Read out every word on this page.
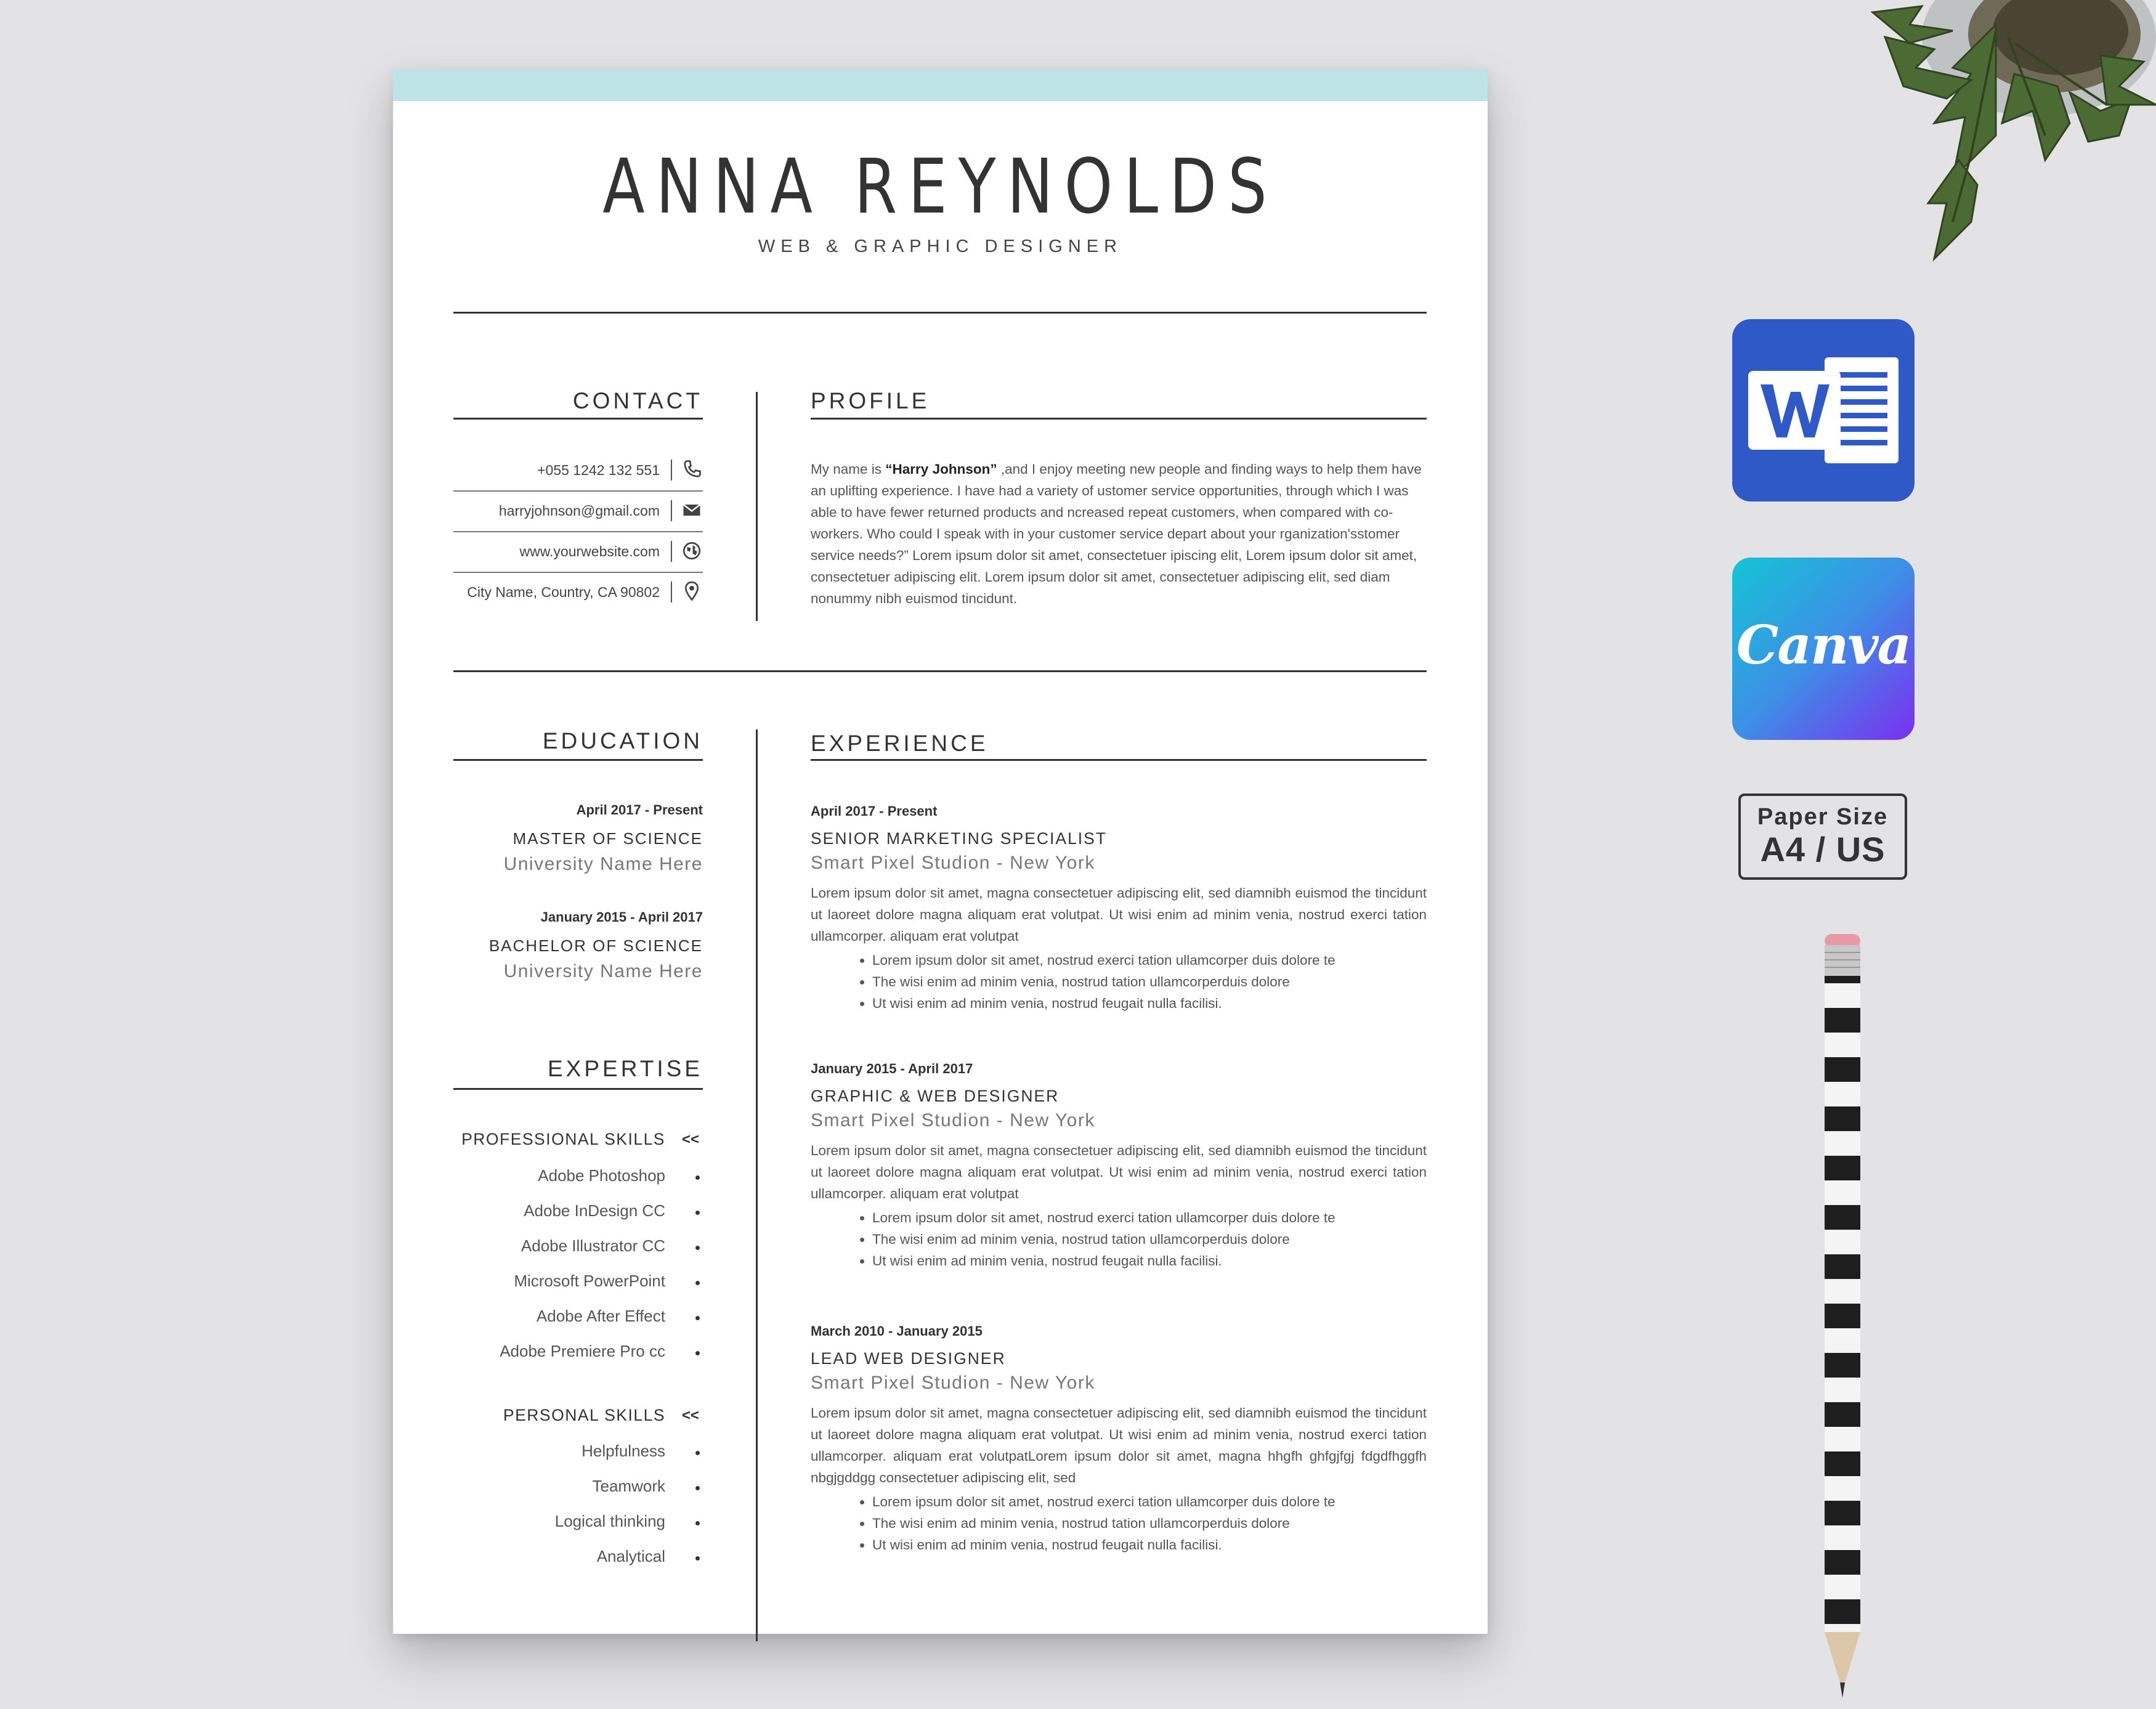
ANNA REYNOLDS
WEB & GRAPHIC DESIGNER
CONTACT
+055 1242 132 551
harryjohnson@gmail.com
www.yourwebsite.com
City Name, Country, CA 90802
PROFILE
My name is “Harry Johnson” ,and I enjoy meeting new people and finding ways to help them have an uplifting experience. I have had a variety of ustomer service opportunities, through which I was able to have fewer returned products and ncreased repeat customers, when compared with co-workers. Who could I speak with in your customer service depart about your rganization'sstomer service needs?” Lorem ipsum dolor sit amet, consectetuer ipiscing elit, Lorem ipsum dolor sit amet, consectetuer adipiscing elit. Lorem ipsum dolor sit amet, consectetuer adipiscing elit, sed diam nonummy nibh euismod tincidunt.
EDUCATION
April 2017 - Present
MASTER OF SCIENCE
University Name Here
January 2015 - April 2017
BACHELOR OF SCIENCE
University Name Here
EXPERTISE
PROFESSIONAL SKILLS <<
Adobe Photoshop
Adobe InDesign CC
Adobe Illustrator CC
Microsoft PowerPoint
Adobe After Effect
Adobe Premiere Pro cc
PERSONAL SKILLS <<
Helpfulness
Teamwork
Logical thinking
Analytical
EXPERIENCE
April 2017 - Present
SENIOR MARKETING SPECIALIST
Smart Pixel Studion - New York
Lorem ipsum dolor sit amet, magna consectetuer adipiscing elit, sed diamnibh euismod the tincidunt ut laoreet dolore magna aliquam erat volutpat. Ut wisi enim ad minim venia, nostrud exerci tation ullamcorper. aliquam erat volutpat
• Lorem ipsum dolor sit amet, nostrud exerci tation ullamcorper duis dolore te
• The wisi enim ad minim venia, nostrud tation ullamcorperduis dolore
• Ut wisi enim ad minim venia, nostrud feugait nulla facilisi.
January 2015 - April 2017
GRAPHIC & WEB DESIGNER
Smart Pixel Studion - New York
Lorem ipsum dolor sit amet, magna consectetuer adipiscing elit, sed diamnibh euismod the tincidunt ut laoreet dolore magna aliquam erat volutpat. Ut wisi enim ad minim venia, nostrud exerci tation ullamcorper. aliquam erat volutpat
• Lorem ipsum dolor sit amet, nostrud exerci tation ullamcorper duis dolore te
• The wisi enim ad minim venia, nostrud tation ullamcorperduis dolore
• Ut wisi enim ad minim venia, nostrud feugait nulla facilisi.
March 2010 - January 2015
LEAD WEB DESIGNER
Smart Pixel Studion - New York
Lorem ipsum dolor sit amet, magna consectetuer adipiscing elit, sed diamnibh euismod the tincidunt ut laoreet dolore magna aliquam erat volutpat. Ut wisi enim ad minim venia, nostrud exerci tation ullamcorper. aliquam erat volutpatLorem ipsum dolor sit amet, magna hhgfh ghfgjfgj fdgdfhggfh nbgjgddgg consectetuer adipiscing elit, sed
• Lorem ipsum dolor sit amet, nostrud exerci tation ullamcorper duis dolore te
• The wisi enim ad minim venia, nostrud tation ullamcorperduis dolore
• Ut wisi enim ad minim venia, nostrud feugait nulla facilisi.
Canva
Paper Size
A4 / US
